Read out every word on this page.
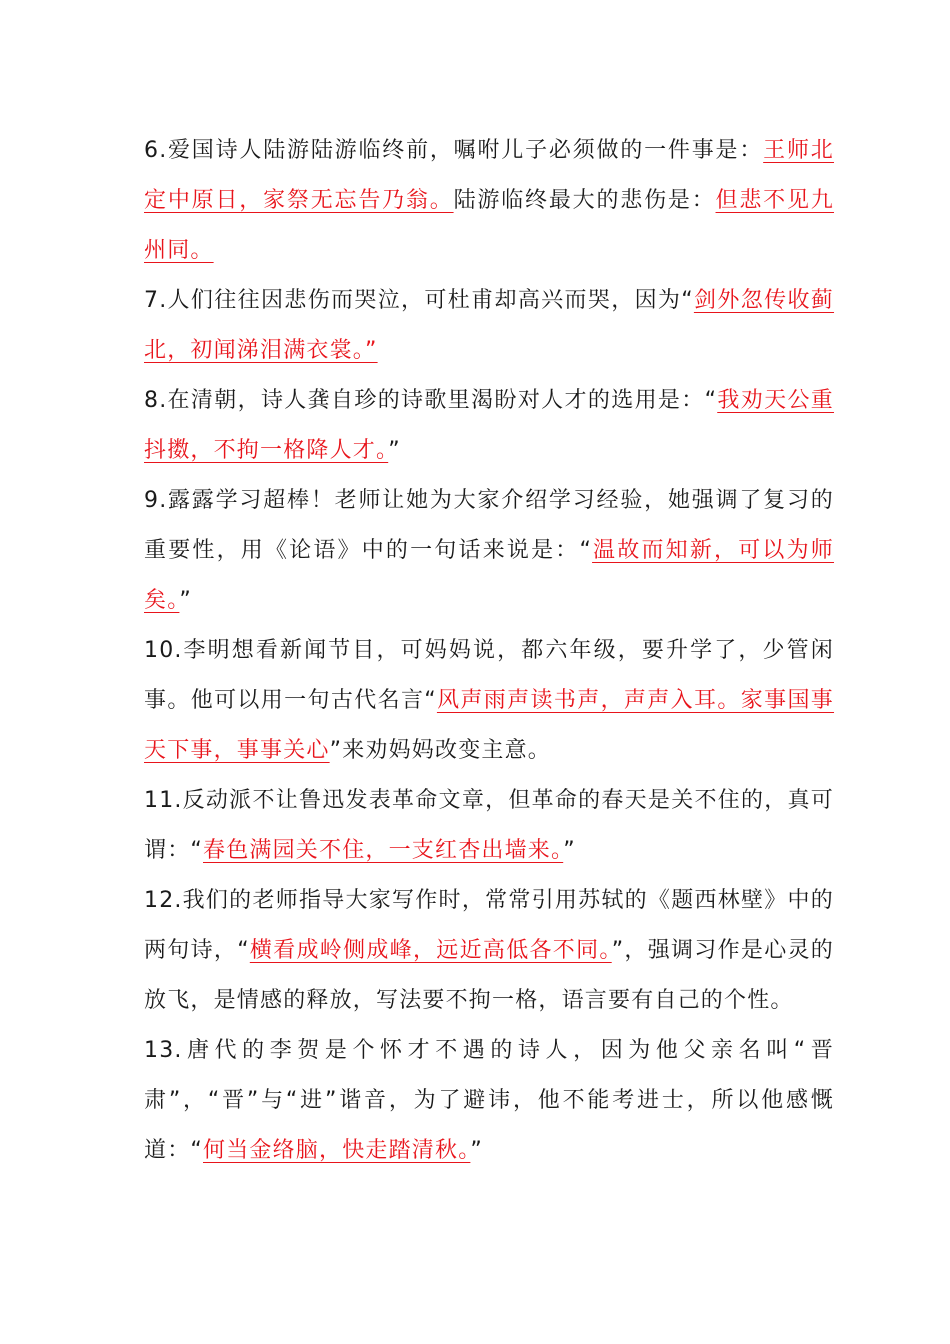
6.爱国诗人陆游陆游临终前，嘱咐儿子必须做的一件事是：王师北定中原日，家祭无忘告乃翁。陆游临终最大的悲伤是：但悲不见九州同。

7.人们往往因悲伤而哭泣，可杜甫却高兴而哭，因为“剑外忽传收蓟北，初闻涕泪满衣裳。”

8.在清朝，诗人龚自珍的诗歌里渴盼对人才的选用是：“我劝天公重抖擞，不拘一格降人才。”

9.露露学习超棒！老师让她为大家介绍学习经验，她强调了复习的重要性，用《论语》中的一句话来说是：“温故而知新，可以为师矣。”

10.李明想看新闻节目，可妈妈说，都六年级，要升学了，少管闲事。他可以用一句古代名言“风声雨声读书声，声声入耳。家事国事天下事，事事关心”来劝妈妈改变主意。

11.反动派不让鲁迅发表革命文章，但革命的春天是关不住的，真可谓：“春色满园关不住，一支红杏出墙来。”

12.我们的老师指导大家写作时，常常引用苏轼的《题西林壁》中的两句诗，“横看成岭侧成峰，远近高低各不同。”，强调习作是心灵的放飞，是情感的释放，写法要不拘一格，语言要有自己的个性。

13.唐代的李贺是个怀才不遇的诗人，因为他父亲名叫“晋肃”，“晋”与“进”谐音，为了避讳，他不能考进士，所以他感慨道：“何当金络脑，快走踏清秋。”
